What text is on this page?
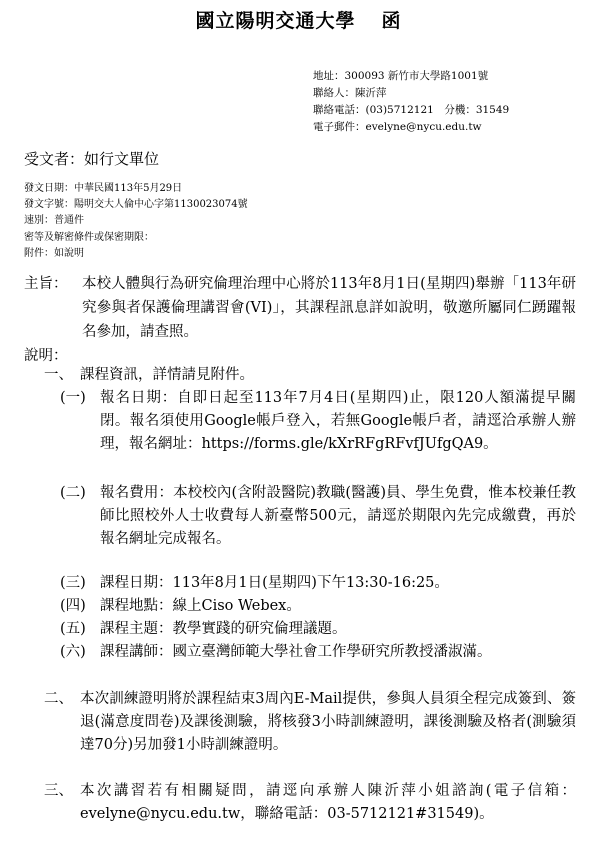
國立陽明交通大學 函
地址：300093 新竹市大學路1001號
聯絡人：陳沂萍
聯絡電話：(03)5712121　分機：31549
電子郵件：evelyne@nycu.edu.tw
受文者：如行文單位
發文日期：中華民國113年5月29日
發文字號：陽明交大人倫中心字第1130023074號
速別：普通件
密等及解密條件或保密期限：
附件：如說明
主旨： 本校人體與行為研究倫理治理中心將於113年8月1日(星期四)舉辦「113年研究參與者保護倫理講習會(VI)」，其課程訊息詳如說明，敬邀所屬同仁踴躍報名參加，請查照。
說明：
一、 課程資訊，詳情請見附件。
(一) 報名日期：自即日起至113年7月4日(星期四)止，限120人額滿提早關閉。報名須使用Google帳戶登入，若無Google帳戶者，請逕洽承辦人辦理，報名網址：https://forms.gle/kXrRFgRFvfJUfgQA9。
(二) 報名費用：本校校內(含附設醫院)教職(醫護)員、學生免費，惟本校兼任教師比照校外人士收費每人新臺幣500元，請逕於期限內先完成繳費，再於報名網址完成報名。
(三) 課程日期：113年8月1日(星期四)下午13:30-16:25。
(四) 課程地點：線上Ciso Webex。
(五) 課程主題：教學實踐的研究倫理議題。
(六) 課程講師：國立臺灣師範大學社會工作學研究所教授潘淑滿。
二、 本次訓練證明將於課程結束3周內E-Mail提供，參與人員須全程完成簽到、簽退(滿意度問卷)及課後測驗，將核發3小時訓練證明，課後測驗及格者(測驗須達70分)另加發1小時訓練證明。
三、 本次講習若有相關疑問，請逕向承辦人陳沂萍小姐諮詢(電子信箱：evelyne@nycu.edu.tw，聯絡電話：03-5712121#31549)。
